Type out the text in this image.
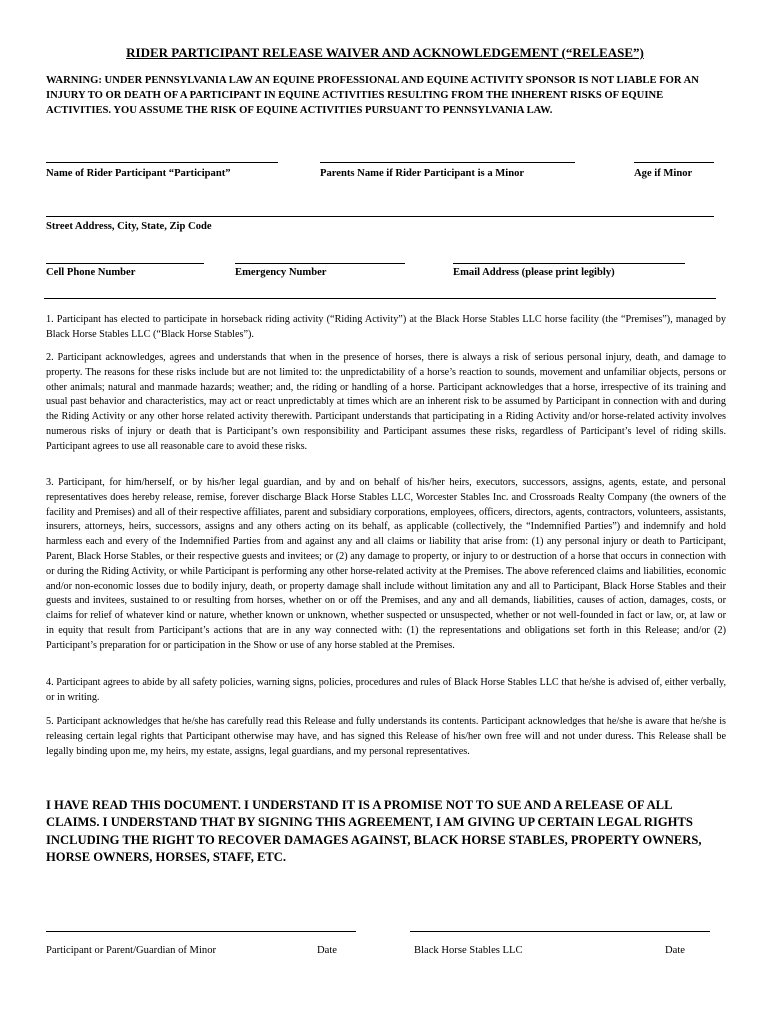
RIDER PARTICIPANT RELEASE WAIVER AND ACKNOWLEDGEMENT (“RELEASE”)
WARNING: UNDER PENNSYLVANIA LAW AN EQUINE PROFESSIONAL AND EQUINE ACTIVITY SPONSOR IS NOT LIABLE FOR AN INJURY TO OR DEATH OF A PARTICIPANT IN EQUINE ACTIVITIES RESULTING FROM THE INHERENT RISKS OF EQUINE ACTIVITIES. YOU ASSUME THE RISK OF EQUINE ACTIVITIES PURSUANT TO PENNSYLVANIA LAW.
Name of Rider Participant “Participant”	Parents Name if Rider Participant is a Minor	Age if Minor
Street Address, City, State, Zip Code
Cell Phone Number	Emergency Number	Email Address (please print legibly)
1. Participant has elected to participate in horseback riding activity (“Riding Activity”) at the Black Horse Stables LLC horse facility (the “Premises”), managed by Black Horse Stables LLC (“Black Horse Stables”).
2. Participant acknowledges, agrees and understands that when in the presence of horses, there is always a risk of serious personal injury, death, and damage to property. The reasons for these risks include but are not limited to: the unpredictability of a horse’s reaction to sounds, movement and unfamiliar objects, persons or other animals; natural and manmade hazards; weather; and, the riding or handling of a horse. Participant acknowledges that a horse, irrespective of its training and usual past behavior and characteristics, may act or react unpredictably at times which are an inherent risk to be assumed by Participant in connection with and during the Riding Activity or any other horse related activity therewith. Participant understands that participating in a Riding Activity and/or horse-related activity involves numerous risks of injury or death that is Participant’s own responsibility and Participant assumes these risks, regardless of Participant’s level of riding skills. Participant agrees to use all reasonable care to avoid these risks.
3. Participant, for him/herself, or by his/her legal guardian, and by and on behalf of his/her heirs, executors, successors, assigns, agents, estate, and personal representatives does hereby release, remise, forever discharge Black Horse Stables LLC, Worcester Stables Inc. and Crossroads Realty Company (the owners of the facility and Premises) and all of their respective affiliates, parent and subsidiary corporations, employees, officers, directors, agents, contractors, volunteers, assistants, insurers, attorneys, heirs, successors, assigns and any others acting on its behalf, as applicable (collectively, the “Indemnified Parties”) and indemnify and hold harmless each and every of the Indemnified Parties from and against any and all claims or liability that arise from: (1) any personal injury or death to Participant, Parent, Black Horse Stables, or their respective guests and invitees; or (2) any damage to property, or injury to or destruction of a horse that occurs in connection with or during the Riding Activity, or while Participant is performing any other horse-related activity at the Premises. The above referenced claims and liabilities, economic and/or non-economic losses due to bodily injury, death, or property damage shall include without limitation any and all to Participant, Black Horse Stables and their guests and invitees, sustained to or resulting from horses, whether on or off the Premises, and any and all demands, liabilities, causes of action, damages, costs, or claims for relief of whatever kind or nature, whether known or unknown, whether suspected or unsuspected, whether or not well-founded in fact or law, or, at law or in equity that result from Participant’s actions that are in any way connected with: (1) the representations and obligations set forth in this Release; and/or (2) Participant’s preparation for or participation in the Show or use of any horse stabled at the Premises.
4. Participant agrees to abide by all safety policies, warning signs, policies, procedures and rules of Black Horse Stables LLC that he/she is advised of, either verbally, or in writing.
5. Participant acknowledges that he/she has carefully read this Release and fully understands its contents. Participant acknowledges that he/she is aware that he/she is releasing certain legal rights that Participant otherwise may have, and has signed this Release of his/her own free will and not under duress. This Release shall be legally binding upon me, my heirs, my estate, assigns, legal guardians, and my personal representatives.
I HAVE READ THIS DOCUMENT. I UNDERSTAND IT IS A PROMISE NOT TO SUE AND A RELEASE OF ALL CLAIMS. I UNDERSTAND THAT BY SIGNING THIS AGREEMENT, I AM GIVING UP CERTAIN LEGAL RIGHTS INCLUDING THE RIGHT TO RECOVER DAMAGES AGAINST, BLACK HORSE STABLES, PROPERTY OWNERS, HORSE OWNERS, HORSES, STAFF, ETC.
Participant or Parent/Guardian of Minor	Date	Black Horse Stables LLC	Date
